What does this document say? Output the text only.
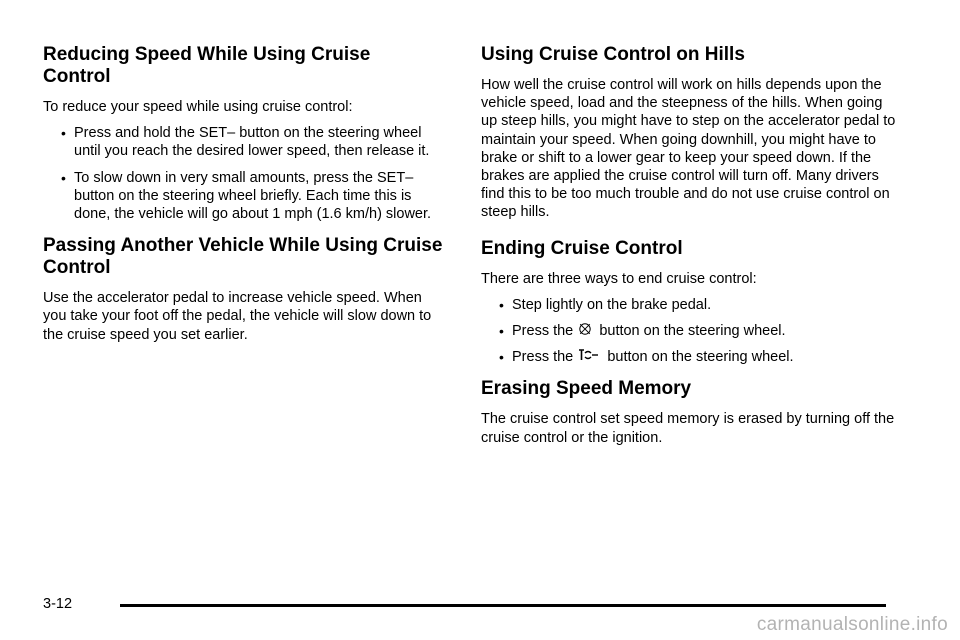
Reducing Speed While Using Cruise Control

To reduce your speed while using cruise control:

• Press and hold the SET– button on the steering wheel until you reach the desired lower speed, then release it.
• To slow down in very small amounts, press the SET– button on the steering wheel briefly. Each time this is done, the vehicle will go about 1 mph (1.6 km/h) slower.
Passing Another Vehicle While Using Cruise Control

Use the accelerator pedal to increase vehicle speed. When you take your foot off the pedal, the vehicle will slow down to the cruise speed you set earlier.

Using Cruise Control on Hills

How well the cruise control will work on hills depends upon the vehicle speed, load and the steepness of the hills. When going up steep hills, you might have to step on the accelerator pedal to maintain your speed. When going downhill, you might have to brake or shift to a lower gear to keep your speed down. If the brakes are applied the cruise control will turn off. Many drivers find this to be too much trouble and do not use cruise control on steep hills.

Ending Cruise Control

There are three ways to end cruise control:

• Step lightly on the brake pedal.
• Press the button on the steering wheel.
• Press the button on the steering wheel.
Erasing Speed Memory

The cruise control set speed memory is erased by turning off the cruise control or the ignition.

3-12
carmanualsonline.info
